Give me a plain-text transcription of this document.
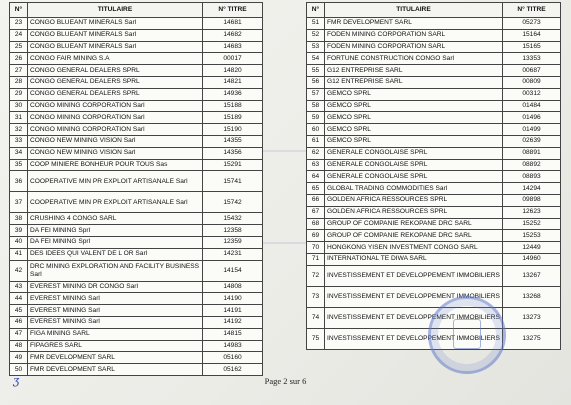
N°	TITULAIRE	N° TITRE
23	CONGO BLUEANT MINERALS Sarl	14681
24	CONGO BLUEANT MINERALS Sarl	14682
25	CONGO BLUEANT MINERALS Sarl	14683
26	CONGO FAIR MINING S.A	00017
27	CONGO GENERAL DEALERS SPRL	14820
28	CONGO GENERAL DEALERS SPRL	14821
29	CONGO GENERAL DEALERS SPRL	14936
30	CONGO MINING CORPORATION Sarl	15188
31	CONGO MINING CORPORATION Sarl	15189
32	CONGO MINING CORPORATION Sarl	15190
33	CONGO NEW MINING VISION Sarl	14355
34	CONGO NEW MINING VISION Sarl	14356
35	COOP MINIERE BONHEUR POUR TOUS Sas	15291
36	COOPERATIVE MIN PR EXPLOIT ARTISANALE Sarl	15741
37	COOPERATIVE MIN PR EXPLOIT ARTISANALE Sarl	15742
38	CRUSHING 4 CONGO SARL	15432
39	DA FEI MINING Sprl	12358
40	DA FEI MINING Sprl	12359
41	DES IDEES QUI VALENT DE L OR Sarl	14231
42	DRC MINING EXPLORATION AND FACILITY BUSINESS Sarl	14154
43	EVEREST MINING DR CONGO Sarl	14808
44	EVEREST MINING Sarl	14190
45	EVEREST MINING Sarl	14191
46	EVEREST MINING Sarl	14192
47	FIGA MINING SARL	14815
48	FIPAGRES SARL	14983
49	FMR DEVELOPMENT SARL	05160
50	FMR DEVELOPMENT SARL	05162
N°	TITULAIRE	N° TITRE
51	FMR DEVELOPMENT SARL	05273
52	FODEN MINING CORPORATION SARL	15164
53	FODEN MINING CORPORATION SARL	15165
54	FORTUNE CONSTRUCTION CONGO Sarl	13353
55	G12 ENTREPRISE SARL	00687
56	G12 ENTREPRISE SARL	00809
57	GEMCO SPRL	00312
58	GEMCO SPRL	01484
59	GEMCO SPRL	01496
60	GEMCO SPRL	01499
61	GEMCO SPRL	02639
62	GENERALE CONGOLAISE SPRL	08891
63	GENERALE CONGOLAISE SPRL	08892
64	GENERALE CONGOLAISE SPRL	08893
65	GLOBAL TRADING COMMODITIES Sarl	14294
66	GOLDEN AFRICA RESSOURCES SPRL	09898
67	GOLDEN AFRICA RESSOURCES SPRL	12623
68	GROUP OF COMPANIE REKOPANE DRC SARL	15252
69	GROUP OF COMPANIE REKOPANE DRC SARL	15253
70	HONGKONG YISEN INVESTMENT CONGO SARL	12449
71	INTERNATIONAL TE DIWA SARL	14960
72	INVESTISSEMENT ET DEVELOPPEMENT IMMOBILIERS	13267
73	INVESTISSEMENT ET DEVELOPPEMENT IMMOBILIERS	13268
74	INVESTISSEMENT ET DEVELOPPEMENT IMMOBILIERS	13273
75	INVESTISSEMENT ET DEVELOPPEMENT IMMOBILIERS	13275
Page 2 sur 6
ʒ
